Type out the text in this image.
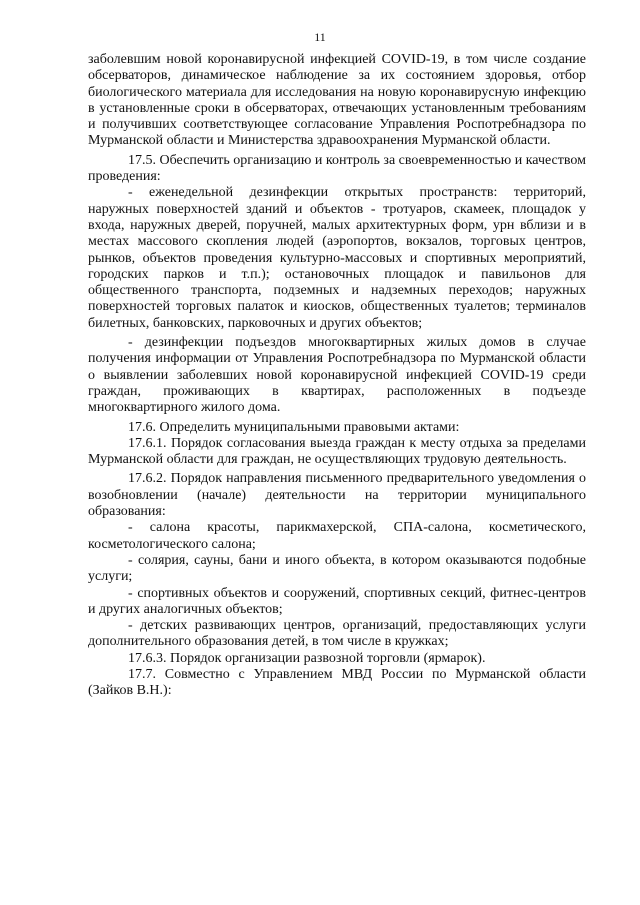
11

заболевшим новой коронавирусной инфекцией COVID-19, в том числе создание обсерваторов, динамическое наблюдение за их состоянием здоровья, отбор биологического материала для исследования на новую коронавирусную инфекцию в установленные сроки в обсерваторах, отвечающих установленным требованиям и получивших соответствующее согласование Управления Роспотребнадзора по Мурманской области и Министерства здравоохранения Мурманской области.

17.5. Обеспечить организацию и контроль за своевременностью и качеством проведения:

- еженедельной дезинфекции открытых пространств: территорий, наружных поверхностей зданий и объектов - тротуаров, скамеек, площадок у входа, наружных дверей, поручней, малых архитектурных форм, урн вблизи и в местах массового скопления людей (аэропортов, вокзалов, торговых центров, рынков, объектов проведения культурно-массовых и спортивных мероприятий, городских парков и т.п.); остановочных площадок и павильонов для общественного транспорта, подземных и надземных переходов; наружных поверхностей торговых палаток и киосков, общественных туалетов; терминалов билетных, банковских, парковочных и других объектов;

- дезинфекции подъездов многоквартирных жилых домов в случае получения информации от Управления Роспотребнадзора по Мурманской области о выявлении заболевших новой коронавирусной инфекцией COVID-19 среди граждан, проживающих в квартирах, расположенных в подъезде многоквартирного жилого дома.

17.6. Определить муниципальными правовыми актами:

17.6.1. Порядок согласования выезда граждан к месту отдыха за пределами Мурманской области для граждан, не осуществляющих трудовую деятельность.

17.6.2. Порядок направления письменного предварительного уведомления о возобновлении (начале) деятельности на территории муниципального образования:

- салона красоты, парикмахерской, СПА-салона, косметического, косметологического салона;

- солярия, сауны, бани и иного объекта, в котором оказываются подобные услуги;

- спортивных объектов и сооружений, спортивных секций, фитнес-центров и других аналогичных объектов;

- детских развивающих центров, организаций, предоставляющих услуги дополнительного образования детей, в том числе в кружках;

17.6.3. Порядок организации развозной торговли (ярмарок).

17.7. Совместно с Управлением МВД России по Мурманской области (Зайков В.Н.):
